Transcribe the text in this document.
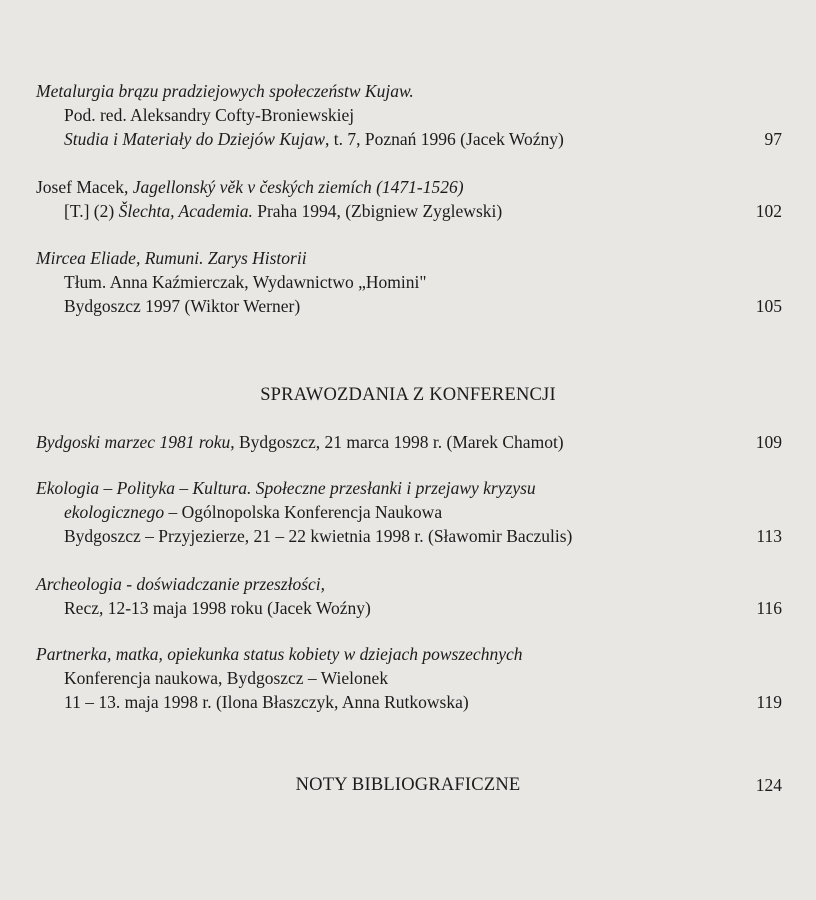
Metalurgia brązu pradziejowych społeczeństw Kujaw.
Pod. red. Aleksandry Cofty-Broniewskiej
Studia i Materiały do Dziejów Kujaw, t. 7, Poznań 1996 (Jacek Woźny)	97
Josef Macek, Jagellonský věk v českých ziemích (1471-1526)
[T.] (2) Šlechta, Academia. Praha 1994, (Zbigniew Zyglewski)	102
Mircea Eliade, Rumuni. Zarys Historii
Tłum. Anna Kaźmierczak, Wydawnictwo „Homini"
Bydgoszcz 1997 (Wiktor Werner)	105
SPRAWOZDANIA Z KONFERENCJI
Bydgoski marzec 1981 roku, Bydgoszcz, 21 marca 1998 r. (Marek Chamot)	109
Ekologia – Polityka – Kultura. Społeczne przesłanki i przejawy kryzysu
ekologicznego – Ogólnopolska Konferencja Naukowa
Bydgoszcz – Przyjezierze, 21 – 22 kwietnia 1998 r. (Sławomir Baczulis)	113
Archeologia - doświadczanie przeszłości,
Recz, 12-13 maja 1998 roku (Jacek Woźny)	116
Partnerka, matka, opiekunka status kobiety w dziejach powszechnych
Konferencja naukowa, Bydgoszcz – Wielonek
11 – 13. maja 1998 r. (Ilona Błaszczyk, Anna Rutkowska)	119
NOTY BIBLIOGRAFICZNE	124
